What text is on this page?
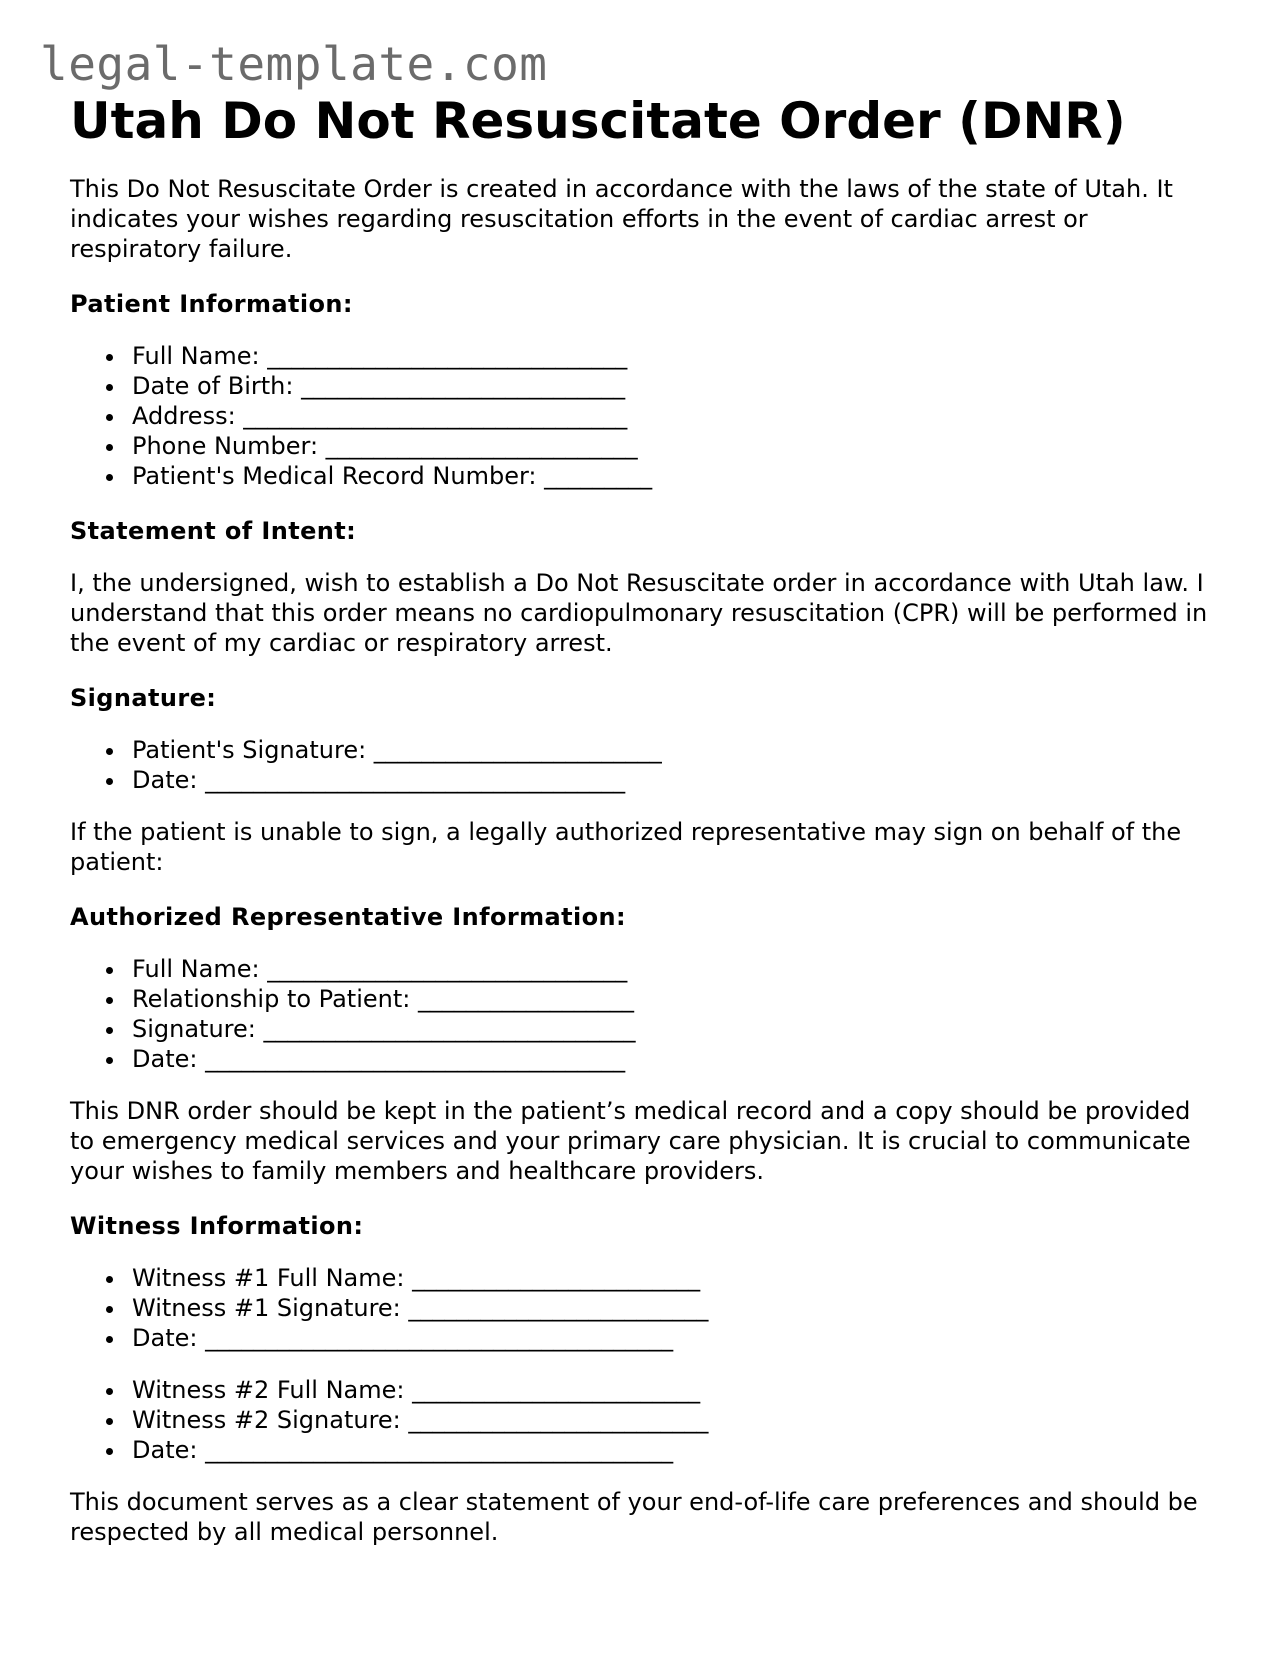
legal-template.com
Utah Do Not Resuscitate Order (DNR)

This Do Not Resuscitate Order is created in accordance with the laws of the state of Utah. It indicates your wishes regarding resuscitation efforts in the event of cardiac arrest or respiratory failure.

Patient Information:
Full Name: ______________________________
Date of Birth: ___________________________
Address: ________________________________
Phone Number: __________________________
Patient's Medical Record Number: _________
Statement of Intent:

I, the undersigned, wish to establish a Do Not Resuscitate order in accordance with Utah law. I understand that this order means no cardiopulmonary resuscitation (CPR) will be performed in the event of my cardiac or respiratory arrest.

Signature:
Patient's Signature: ________________________
Date: ___________________________________

If the patient is unable to sign, a legally authorized representative may sign on behalf of the patient:

Authorized Representative Information:
Full Name: ______________________________
Relationship to Patient: __________________
Signature: _______________________________
Date: ___________________________________

This DNR order should be kept in the patient’s medical record and a copy should be provided to emergency medical services and your primary care physician. It is crucial to communicate your wishes to family members and healthcare providers.

Witness Information:
Witness #1 Full Name: ________________________
Witness #1 Signature: _________________________
Date: _______________________________________
Witness #2 Full Name: ________________________
Witness #2 Signature: _________________________
Date: _______________________________________

This document serves as a clear statement of your end-of-life care preferences and should be respected by all medical personnel.
